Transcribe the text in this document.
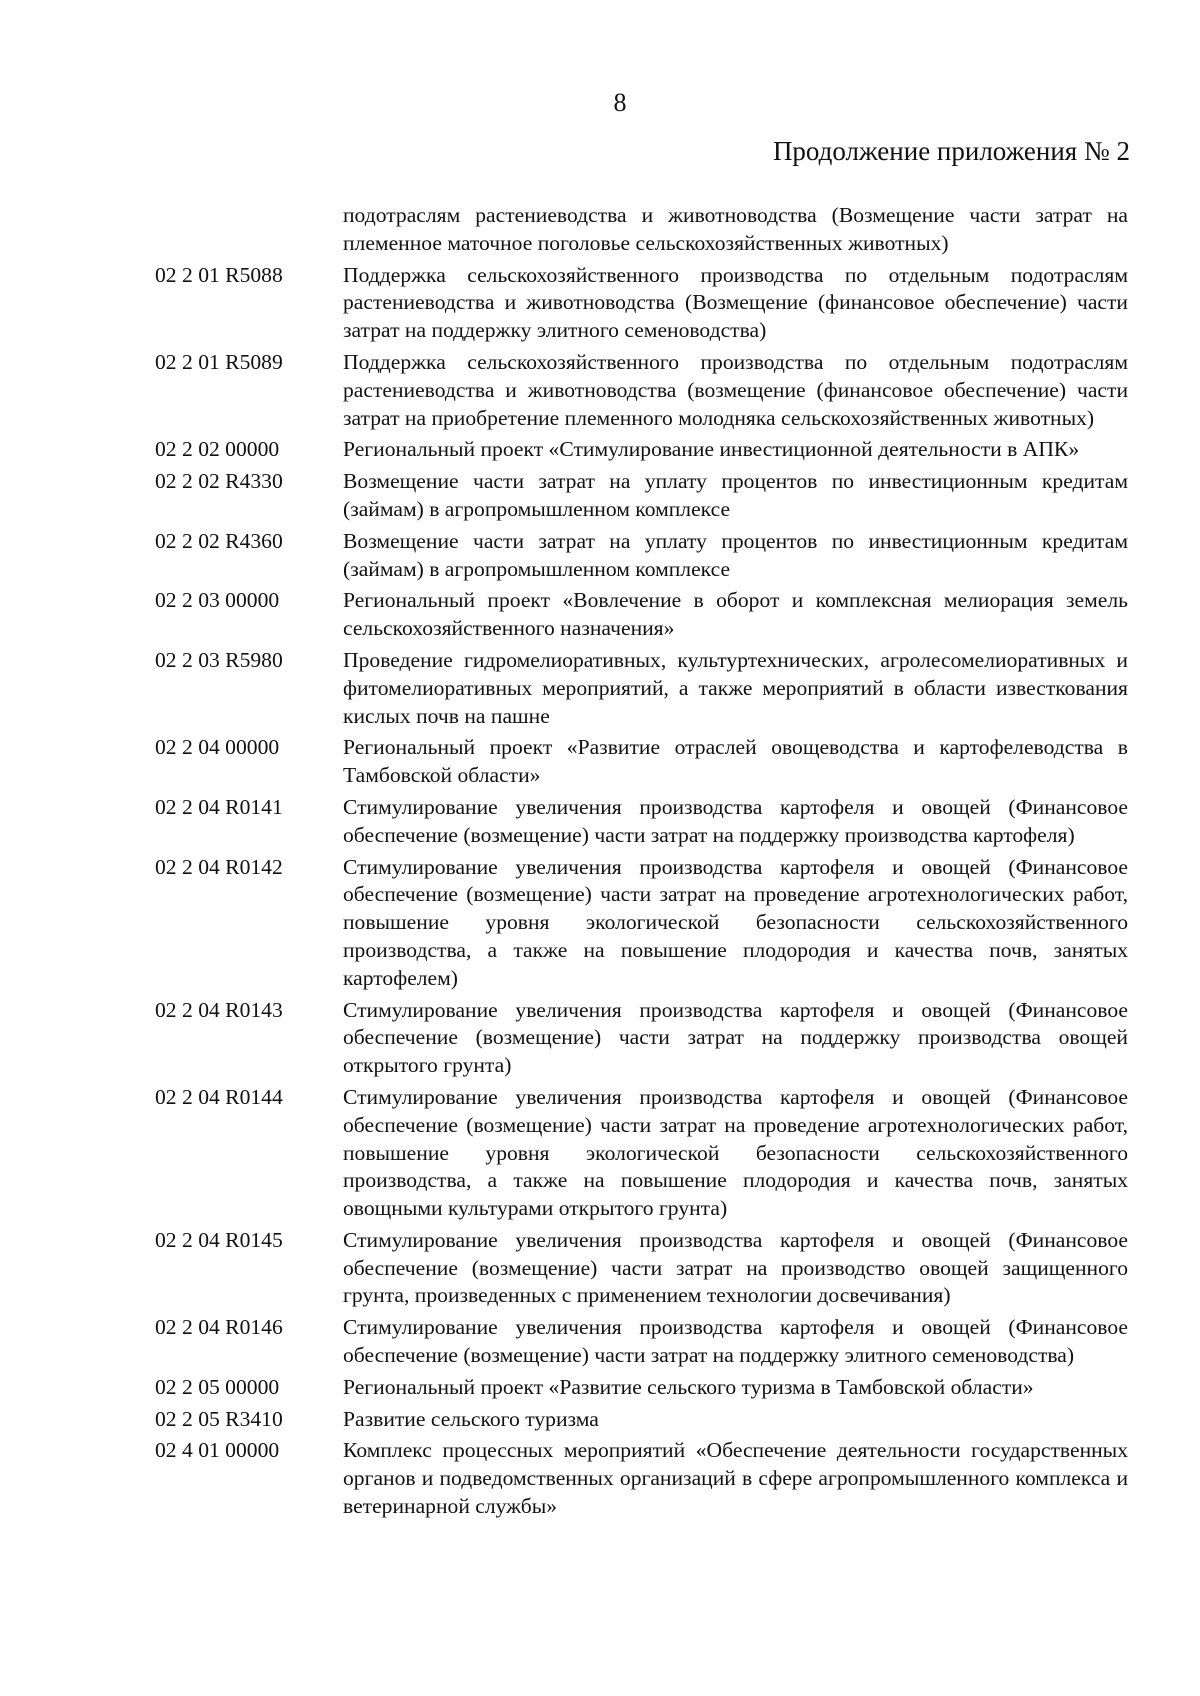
8
Продолжение приложения № 2
подотраслям растениеводства и животноводства (Возмещение части затрат на племенное маточное поголовье сельскохозяйственных животных)
02 2 01 R5088	Поддержка сельскохозяйственного производства по отдельным подотраслям растениеводства и животноводства (Возмещение (финансовое обеспечение) части затрат на поддержку элитного семеноводства)
02 2 01 R5089	Поддержка сельскохозяйственного производства по отдельным подотраслям растениеводства и животноводства (возмещение (финансовое обеспечение) части затрат на приобретение племенного молодняка сельскохозяйственных животных)
02 2 02 00000	Региональный проект «Стимулирование инвестиционной деятельности в АПК»
02 2 02 R4330	Возмещение части затрат на уплату процентов по инвестиционным кредитам (займам) в агропромышленном комплексе
02 2 02 R4360	Возмещение части затрат на уплату процентов по инвестиционным кредитам (займам) в агропромышленном комплексе
02 2 03 00000	Региональный проект «Вовлечение в оборот и комплексная мелиорация земель сельскохозяйственного назначения»
02 2 03 R5980	Проведение гидромелиоративных, культуртехнических, агролесомелиоративных и фитомелиоративных мероприятий, а также мероприятий в области известкования кислых почв на пашне
02 2 04 00000	Региональный проект «Развитие отраслей овощеводства и картофелеводства в Тамбовской области»
02 2 04 R0141	Стимулирование увеличения производства картофеля и овощей (Финансовое обеспечение (возмещение) части затрат на поддержку производства картофеля)
02 2 04 R0142	Стимулирование увеличения производства картофеля и овощей (Финансовое обеспечение (возмещение) части затрат на проведение агротехнологических работ, повышение уровня экологической безопасности сельскохозяйственного производства, а также на повышение плодородия и качества почв, занятых картофелем)
02 2 04 R0143	Стимулирование увеличения производства картофеля и овощей (Финансовое обеспечение (возмещение) части затрат на поддержку производства овощей открытого грунта)
02 2 04 R0144	Стимулирование увеличения производства картофеля и овощей (Финансовое обеспечение (возмещение) части затрат на проведение агротехнологических работ, повышение уровня экологической безопасности сельскохозяйственного производства, а также на повышение плодородия и качества почв, занятых овощными культурами открытого грунта)
02 2 04 R0145	Стимулирование увеличения производства картофеля и овощей (Финансовое обеспечение (возмещение) части затрат на производство овощей защищенного грунта, произведенных с применением технологии досвечивания)
02 2 04 R0146	Стимулирование увеличения производства картофеля и овощей (Финансовое обеспечение (возмещение) части затрат на поддержку элитного семеноводства)
02 2 05 00000	Региональный проект «Развитие сельского туризма в Тамбовской области»
02 2 05 R3410	Развитие сельского туризма
02 4 01 00000	Комплекс процессных мероприятий «Обеспечение деятельности государственных органов и подведомственных организаций в сфере агропромышленного комплекса и ветеринарной службы»
